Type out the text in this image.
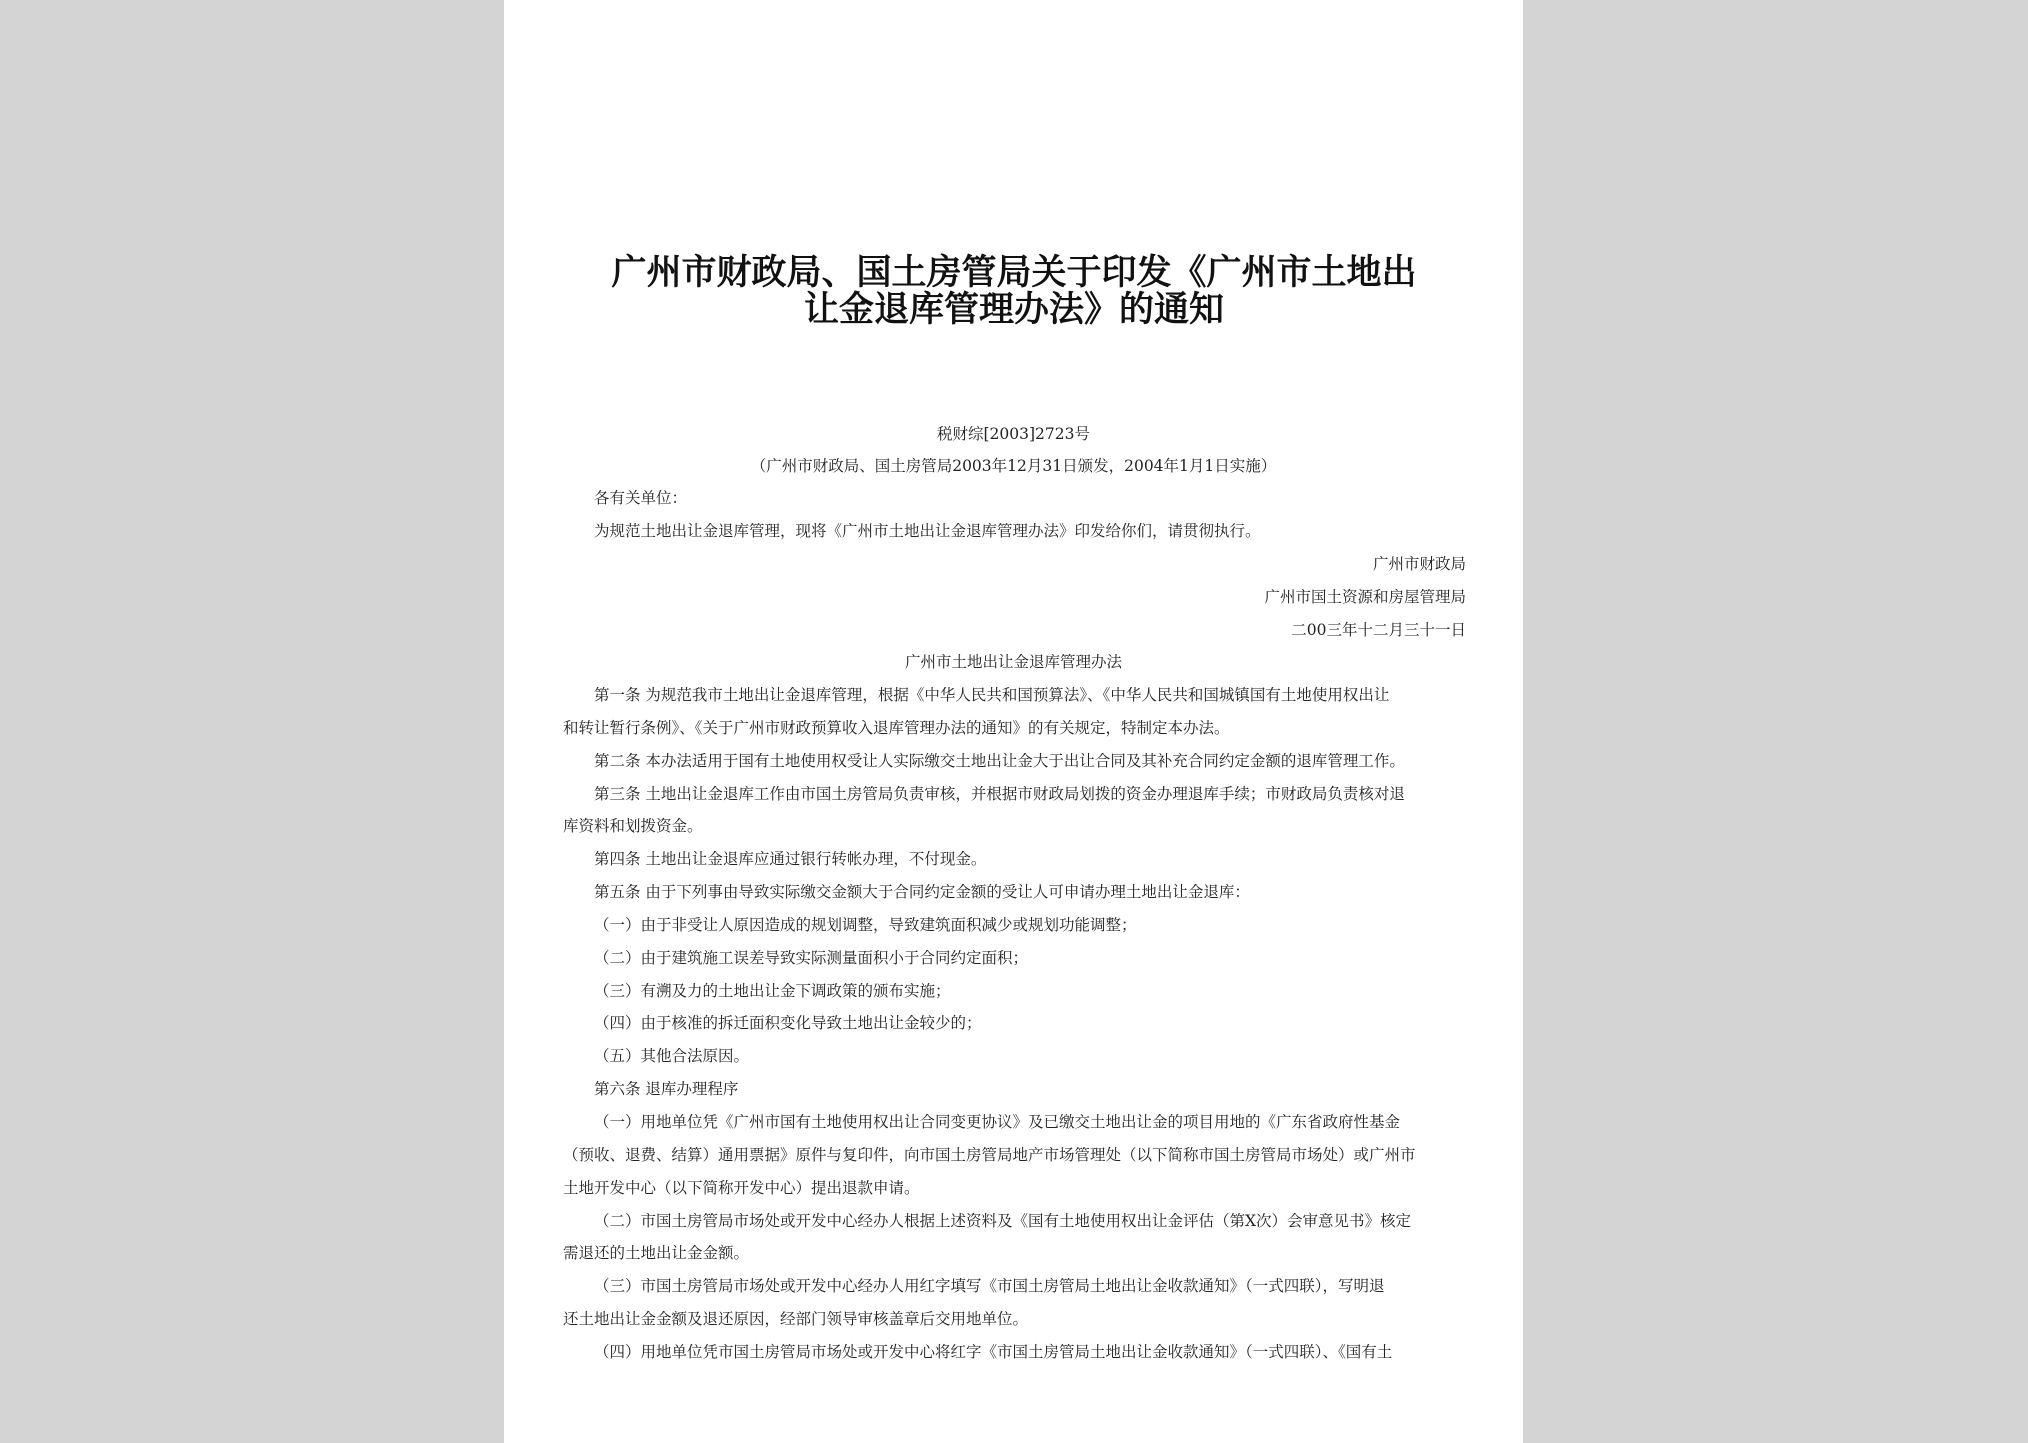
广州市财政局、国土房管局关于印发《广州市土地出
让金退库管理办法》的通知
税财综[2003]2723号
（广州市财政局、国土房管局2003年12月31日颁发，2004年1月1日实施）
各有关单位：
为规范土地出让金退库管理，现将《广州市土地出让金退库管理办法》印发给你们，请贯彻执行。
广州市财政局
广州市国土资源和房屋管理局
二00三年十二月三十一日
广州市土地出让金退库管理办法
第一条 为规范我市土地出让金退库管理，根据《中华人民共和国预算法》、《中华人民共和国城镇国有土地使用权出让
和转让暂行条例》、《关于广州市财政预算收入退库管理办法的通知》的有关规定，特制定本办法。
第二条 本办法适用于国有土地使用权受让人实际缴交土地出让金大于出让合同及其补充合同约定金额的退库管理工作。
第三条 土地出让金退库工作由市国土房管局负责审核，并根据市财政局划拨的资金办理退库手续；市财政局负责核对退
库资料和划拨资金。
第四条 土地出让金退库应通过银行转帐办理，不付现金。
第五条 由于下列事由导致实际缴交金额大于合同约定金额的受让人可申请办理土地出让金退库：
（一）由于非受让人原因造成的规划调整，导致建筑面积减少或规划功能调整；
（二）由于建筑施工误差导致实际测量面积小于合同约定面积；
（三）有溯及力的土地出让金下调政策的颁布实施；
（四）由于核准的拆迁面积变化导致土地出让金较少的；
（五）其他合法原因。
第六条 退库办理程序
（一）用地单位凭《广州市国有土地使用权出让合同变更协议》及已缴交土地出让金的项目用地的《广东省政府性基金
（预收、退费、结算）通用票据》原件与复印件，向市国土房管局地产市场管理处（以下简称市国土房管局市场处）或广州市
土地开发中心（以下简称开发中心）提出退款申请。
（二）市国土房管局市场处或开发中心经办人根据上述资料及《国有土地使用权出让金评估（第X次）会审意见书》核定
需退还的土地出让金金额。
（三）市国土房管局市场处或开发中心经办人用红字填写《市国土房管局土地出让金收款通知》（一式四联），写明退
还土地出让金金额及退还原因，经部门领导审核盖章后交用地单位。
（四）用地单位凭市国土房管局市场处或开发中心将红字《市国土房管局土地出让金收款通知》（一式四联）、《国有土
